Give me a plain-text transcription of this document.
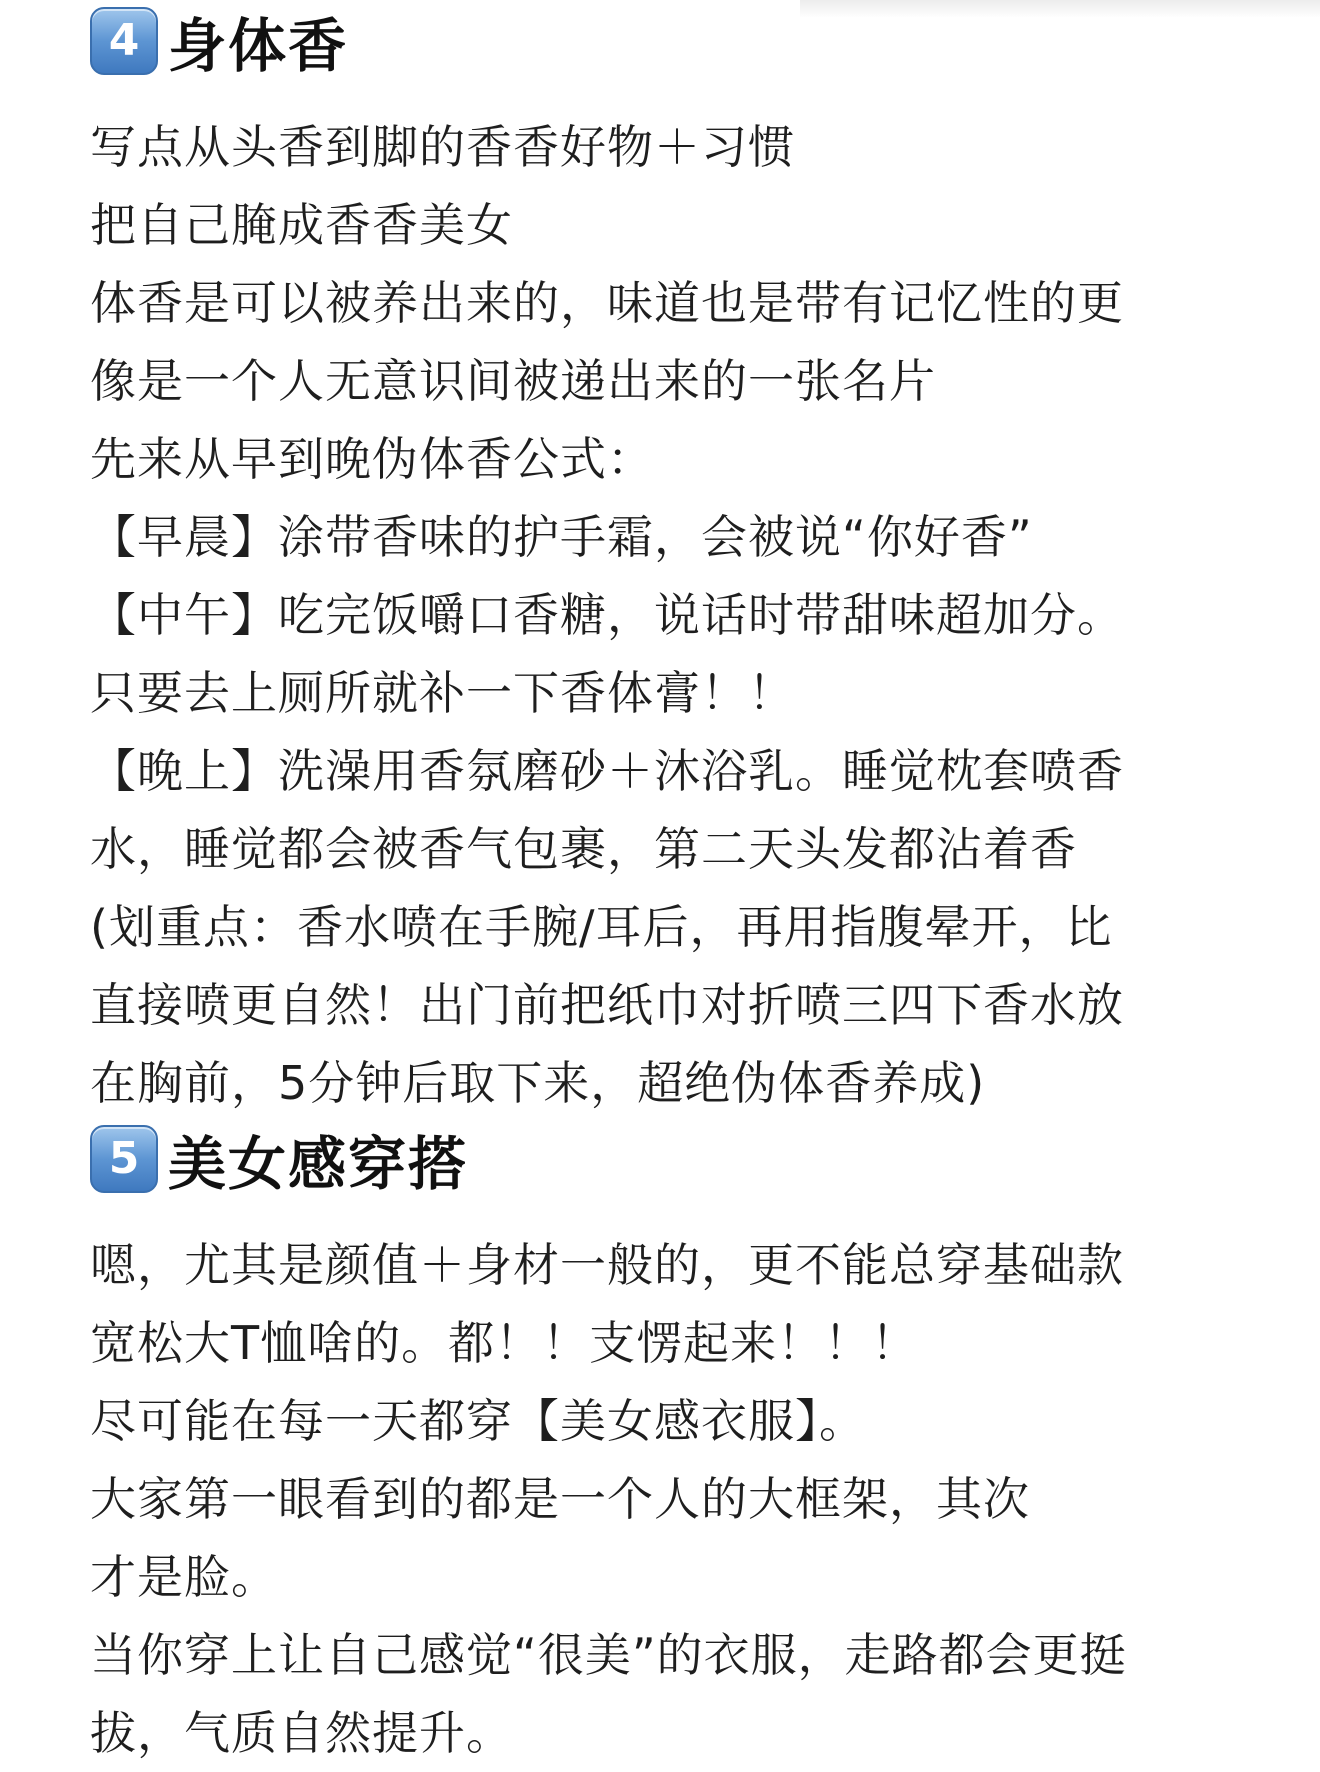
4 身体香
写点从头香到脚的香香好物＋习惯
把自己腌成香香美女
体香是可以被养出来的，味道也是带有记忆性的更
像是一个人无意识间被递出来的一张名片
先来从早到晚伪体香公式：
【早晨】涂带香味的护手霜，会被说“你好香”
【中午】吃完饭嚼口香糖，说话时带甜味超加分。
只要去上厕所就补一下香体膏！！
【晚上】洗澡用香氛磨砂＋沐浴乳。睡觉枕套喷香
水，睡觉都会被香气包裹，第二天头发都沾着香
(划重点：香水喷在手腕/耳后，再用指腹晕开，比
直接喷更自然！出门前把纸巾对折喷三四下香水放
在胸前，5分钟后取下来，超绝伪体香养成)
5 美女感穿搭
嗯，尤其是颜值＋身材一般的，更不能总穿基础款
宽松大T恤啥的。都！！支愣起来！！！
尽可能在每一天都穿【美女感衣服】。
大家第一眼看到的都是一个人的大框架，其次
才是脸。
当你穿上让自己感觉“很美”的衣服，走路都会更挺
拔，气质自然提升。
